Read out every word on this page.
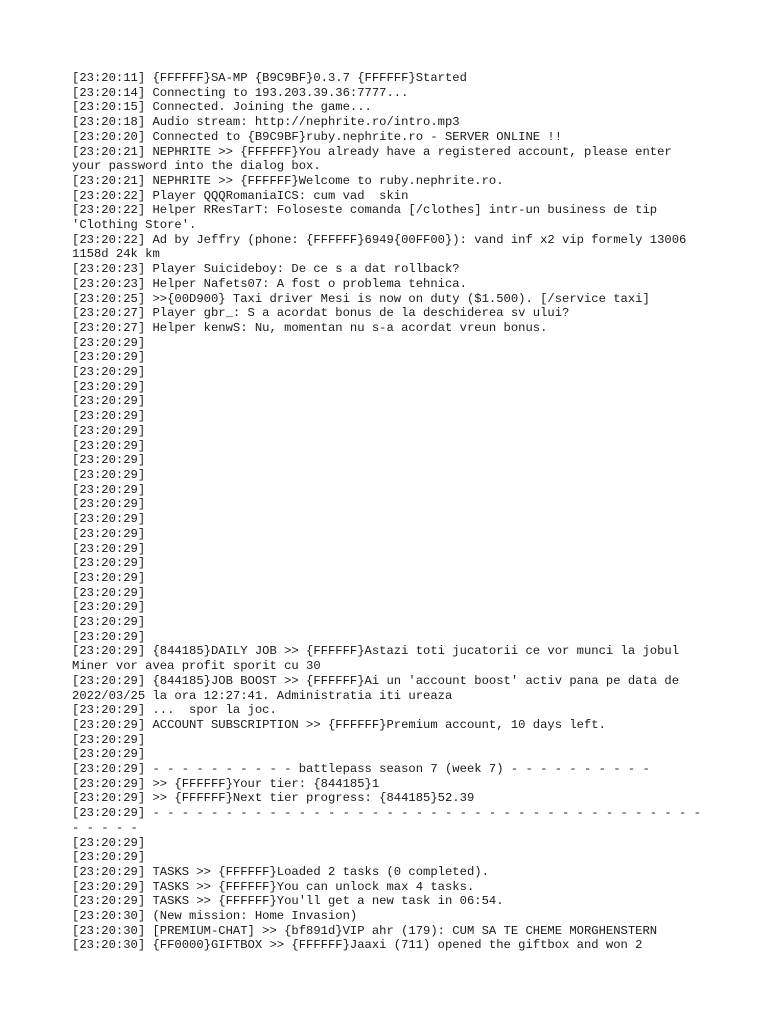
[23:20:11] {FFFFFF}SA-MP {B9C9BF}0.3.7 {FFFFFF}Started
[23:20:14] Connecting to 193.203.39.36:7777...
[23:20:15] Connected. Joining the game...
[23:20:18] Audio stream: http://nephrite.ro/intro.mp3
[23:20:20] Connected to {B9C9BF}ruby.nephrite.ro - SERVER ONLINE !!
[23:20:21] NEPHRITE >> {FFFFFF}You already have a registered account, please enter your password into the dialog box.
[23:20:21] NEPHRITE >> {FFFFFF}Welcome to ruby.nephrite.ro.
[23:20:22] Player QQQRomaniaICS: cum vad  skin
[23:20:22] Helper RResTarT: Foloseste comanda [/clothes] intr-un business de tip 'Clothing Store'.
[23:20:22] Ad by Jeffry (phone: {FFFFFF}6949{00FF00}): vand inf x2 vip formely 13006 1158d 24k km
[23:20:23] Player Suicideboy: De ce s a dat rollback?
[23:20:23] Helper Nafets07: A fost o problema tehnica.
[23:20:25] >>{00D900} Taxi driver Mesi is now on duty ($1.500). [/service taxi]
[23:20:27] Player gbr_: S a acordat bonus de la deschiderea sv ului?
[23:20:27] Helper kenwS: Nu, momentan nu s-a acordat vreun bonus.
[23:20:29]
[23:20:29]
[23:20:29]
[23:20:29]
[23:20:29]
[23:20:29]
[23:20:29]
[23:20:29]
[23:20:29]
[23:20:29]
[23:20:29]
[23:20:29]
[23:20:29]
[23:20:29]
[23:20:29]
[23:20:29]
[23:20:29]
[23:20:29]
[23:20:29]
[23:20:29]
[23:20:29]
[23:20:29] {844185}DAILY JOB >> {FFFFFF}Astazi toti jucatorii ce vor munci la jobul Miner vor avea profit sporit cu 30
[23:20:29] {844185}JOB BOOST >> {FFFFFF}Ai un 'account boost' activ pana pe data de 2022/03/25 la ora 12:27:41. Administratia iti ureaza
[23:20:29] ...  spor la joc.
[23:20:29] ACCOUNT SUBSCRIPTION >> {FFFFFF}Premium account, 10 days left.
[23:20:29]
[23:20:29]
[23:20:29] - - - - - - - - - - battlepass season 7 (week 7) - - - - - - - - - -
[23:20:29] >> {FFFFFF}Your tier: {844185}1
[23:20:29] >> {FFFFFF}Next tier progress: {844185}52.39
[23:20:29] - - - - - - - - - - - - - - - - - - - - - - - - - - - - - - - - - - - - - - - - - - -
[23:20:29]
[23:20:29]
[23:20:29] TASKS >> {FFFFFF}Loaded 2 tasks (0 completed).
[23:20:29] TASKS >> {FFFFFF}You can unlock max 4 tasks.
[23:20:29] TASKS >> {FFFFFF}You'll get a new task in 06:54.
[23:20:30] (New mission: Home Invasion)
[23:20:30] [PREMIUM-CHAT] >> {bf891d}VIP ahr (179): CUM SA TE CHEME MORGHENSTERN
[23:20:30] {FF0000}GIFTBOX >> {FFFFFF}Jaaxi (711) opened the giftbox and won 2
